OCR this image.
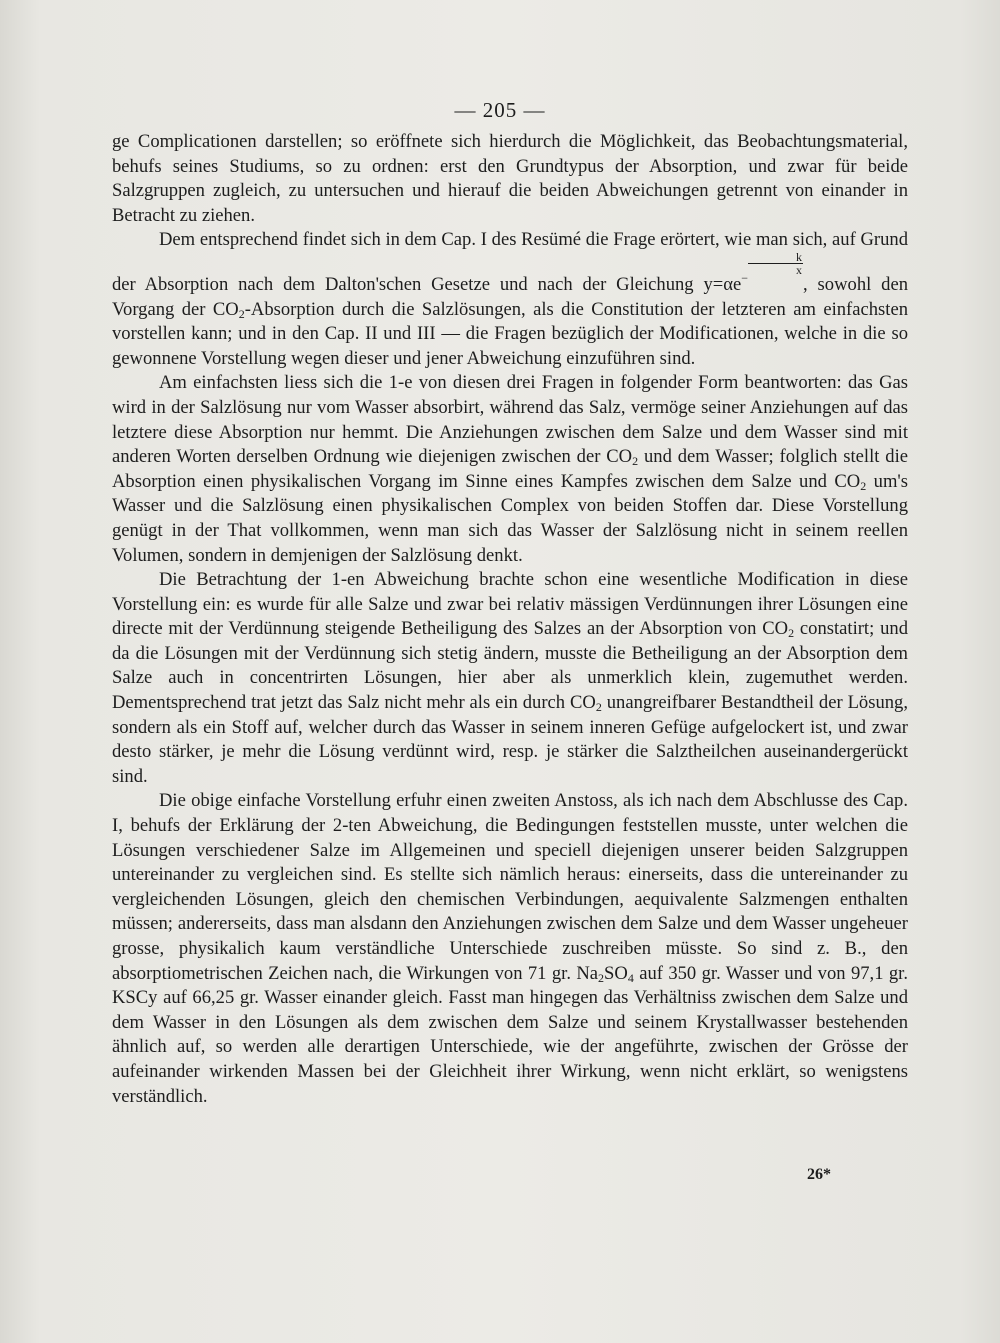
— 205 —

ge Complicationen darstellen; so eröffnete sich hierdurch die Möglichkeit, das Beobachtungsmaterial, behufs seines Studiums, so zu ordnen: erst den Grundtypus der Absorption, und zwar für beide Salzgruppen zugleich, zu untersuchen und hierauf die beiden Abweichungen getrennt von einander in Betracht zu ziehen.

Dem entsprechend findet sich in dem Cap. I des Resümé die Frage erörtert, wie man sich, auf Grund der Absorption nach dem Dalton'schen Gesetze und nach der Gleichung y=αe−
$\frac{k}{x}$
, sowohl den Vorgang der $CO_2$-Absorption durch die Salzlösungen, als die Constitution der letzteren am einfachsten vorstellen kann; und in den Cap. II und III — die Fragen bezüglich der Modificationen, welche in die so gewonnene Vorstellung wegen dieser und jener Abweichung einzuführen sind.

Am einfachsten liess sich die 1-e von diesen drei Fragen in folgender Form beantworten: das Gas wird in der Salzlösung nur vom Wasser absorbirt, während das Salz, vermöge seiner Anziehungen auf das letztere diese Absorption nur hemmt. Die Anziehungen zwischen dem Salze und dem Wasser sind mit anderen Worten derselben Ordnung wie diejenigen zwischen der $CO_2$ und dem Wasser; folglich stellt die Absorption einen physikalischen Vorgang im Sinne eines Kampfes zwischen dem Salze und $CO_2$ um's Wasser und die Salzlösung einen physikalischen Complex von beiden Stoffen dar. Diese Vorstellung genügt in der That vollkommen, wenn man sich das Wasser der Salzlösung nicht in seinem reellen Volumen, sondern in demjenigen der Salzlösung denkt.

Die Betrachtung der 1-en Abweichung brachte schon eine wesentliche Modification in diese Vorstellung ein: es wurde für alle Salze und zwar bei relativ mässigen Verdünnungen ihrer Lösungen eine directe mit der Verdünnung steigende Betheiligung des Salzes an der Absorption von $CO_2$ constatirt; und da die Lösungen mit der Verdünnung sich stetig ändern, musste die Betheiligung an der Absorption dem Salze auch in concentrirten Lösungen, hier aber als unmerklich klein, zugemuthet werden. Dementsprechend trat jetzt das Salz nicht mehr als ein durch $CO_2$ unangreifbarer Bestandtheil der Lösung, sondern als ein Stoff auf, welcher durch das Wasser in seinem inneren Gefüge aufgelockert ist, und zwar desto stärker, je mehr die Lösung verdünnt wird, resp. je stärker die Salztheilchen auseinandergerückt sind.

Die obige einfache Vorstellung erfuhr einen zweiten Anstoss, als ich nach dem Abschlusse des Cap. I, behufs der Erklärung der 2-ten Abweichung, die Bedingungen feststellen musste, unter welchen die Lösungen verschiedener Salze im Allgemeinen und speciell diejenigen unserer beiden Salzgruppen untereinander zu vergleichen sind. Es stellte sich nämlich heraus: einerseits, dass die untereinander zu vergleichenden Lösungen, gleich den chemischen Verbindungen, aequivalente Salzmengen enthalten müssen; andererseits, dass man alsdann den Anziehungen zwischen dem Salze und dem Wasser ungeheuer grosse, physikalich kaum verständliche Unterschiede zuschreiben müsste. So sind z. B., den absorptiometrischen Zeichen nach, die Wirkungen von 71 gr. $Na_2SO_4$ auf 350 gr. Wasser und von 97,1 gr. KSCy auf 66,25 gr. Wasser einander gleich. Fasst man hingegen das Verhältniss zwischen dem Salze und dem Wasser in den Lösungen als dem zwischen dem Salze und seinem Krystallwasser bestehenden ähnlich auf, so werden alle derartigen Unterschiede, wie der angeführte, zwischen der Grösse der aufeinander wirkenden Massen bei der Gleichheit ihrer Wirkung, wenn nicht erklärt, so wenigstens verständlich.

26*
